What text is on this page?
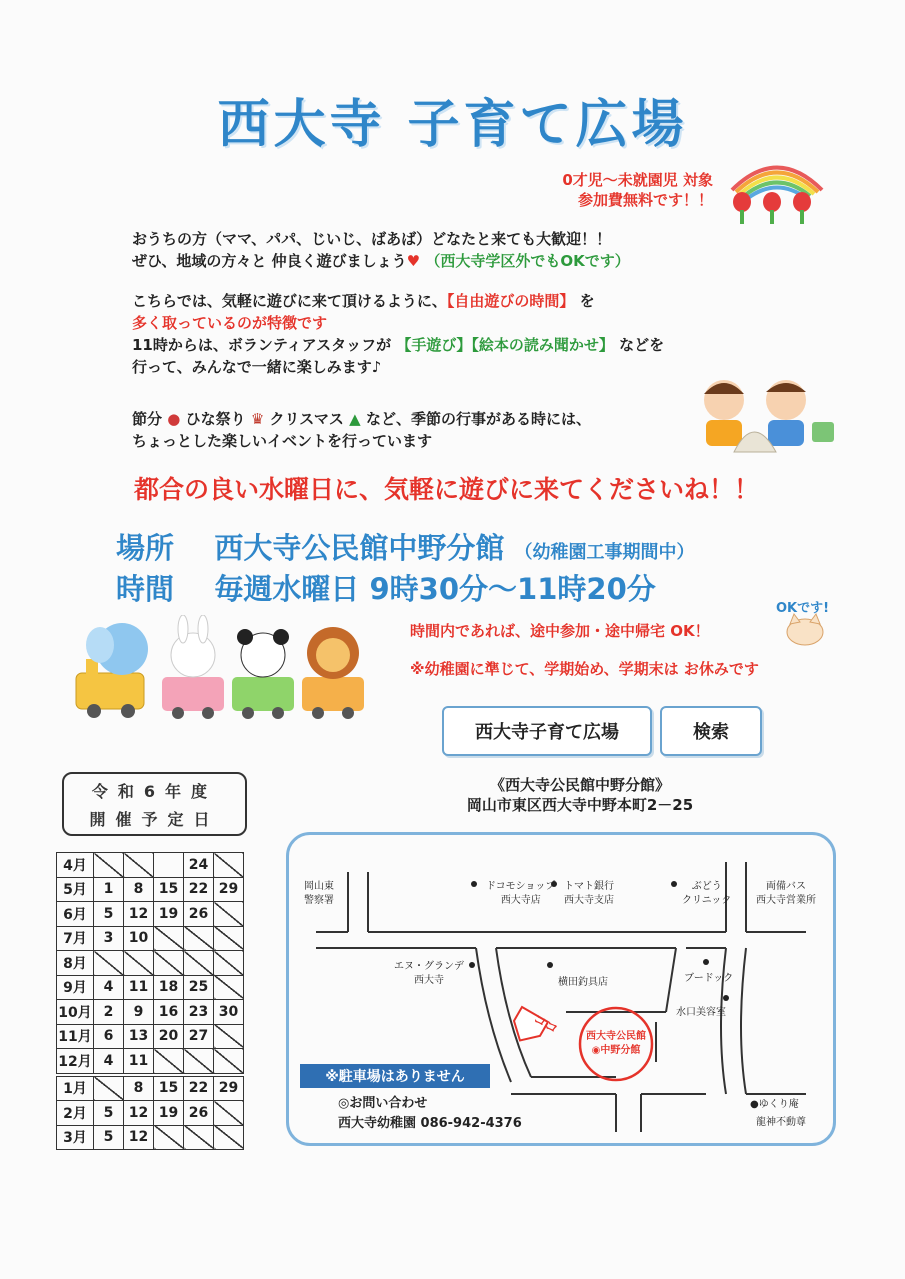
西大寺 子育て広場
0才児～未就園児 対象
参加費無料です！！
おうちの方（ママ、パパ、じいじ、ばあば）どなたと来ても大歓迎！！
ぜひ、地域の方々と 仲良く遊びましょう♥ （西大寺学区外でもOKです）
こちらでは、気軽に遊びに来て頂けるように、【自由遊びの時間】 を
多く取っているのが特徴です
11時からは、ボランティアスタッフが 【手遊び】【絵本の読み聞かせ】 などを
行って、みんなで一緒に楽しみます♪
節分 ● ひな祭り ♛ クリスマス ▲ など、季節の行事がある時には、
ちょっとした楽しいイベントを行っています
都合の良い水曜日に、気軽に遊びに来てくださいね！！
場所 西大寺公民館中野分館 （幼稚園工事期間中）
時間 毎週水曜日 9時30分～11時20分
OKです!
時間内であれば、途中参加・途中帰宅 OK！
※幼稚園に準じて、学期始め、学期末は お休みです
西大寺子育て広場	検索
令和6年度
開催予定日
4月				24	
5月	1	8	15	22	29
6月	5	12	19	26	
7月	3	10			
8月					
9月	4	11	18	25	
10月	2	9	16	23	30
11月	6	13	20	27	
12月	4	11			
1月		8	15	22	29
2月	5	12	19	26	
3月	5	12			
《西大寺公民館中野分館》
岡山市東区西大寺中野本町2－25
岡山東
警察署
ドコモショップ
西大寺店
トマト銀行
西大寺支店
ぶどう
クリニック
両備バス
西大寺営業所
エヌ・グランデ
西大寺	横田釣具店	ブードック
水口美容室
ココ	西大寺公民館
◉中野分館
●ゆくり庵
龍神不動尊
※駐車場はありません
◎お問い合わせ
西大寺幼稚園 086-942-4376
